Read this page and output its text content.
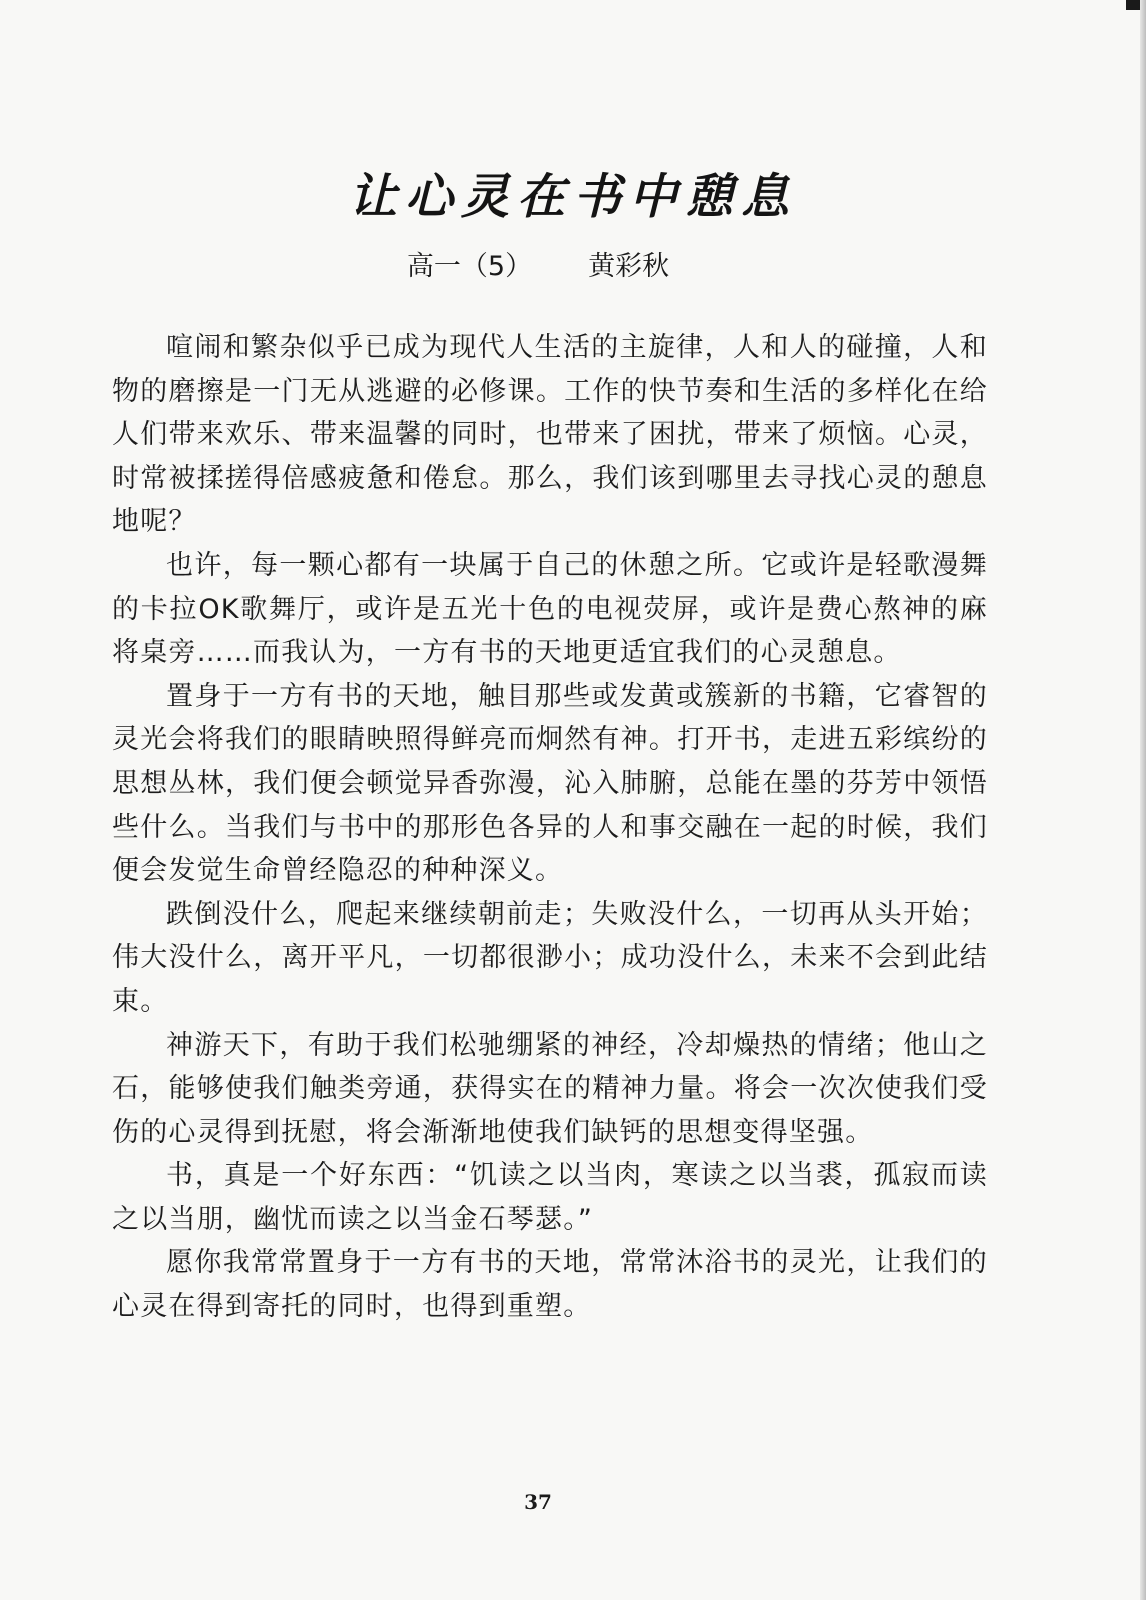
让心灵在书中憩息
高一（5） 黄彩秋

喧闹和繁杂似乎已成为现代人生活的主旋律，人和人的碰撞，人和物的磨擦是一门无从逃避的必修课。工作的快节奏和生活的多样化在给人们带来欢乐、带来温馨的同时，也带来了困扰，带来了烦恼。心灵，时常被揉搓得倍感疲惫和倦怠。那么，我们该到哪里去寻找心灵的憩息地呢？

也许，每一颗心都有一块属于自己的休憩之所。它或许是轻歌漫舞的卡拉OK歌舞厅，或许是五光十色的电视荧屏，或许是费心熬神的麻将桌旁……而我认为，一方有书的天地更适宜我们的心灵憩息。

置身于一方有书的天地，触目那些或发黄或簇新的书籍，它睿智的灵光会将我们的眼睛映照得鲜亮而炯然有神。打开书，走进五彩缤纷的思想丛林，我们便会顿觉异香弥漫，沁入肺腑，总能在墨的芬芳中领悟些什么。当我们与书中的那形色各异的人和事交融在一起的时候，我们便会发觉生命曾经隐忍的种种深义。

跌倒没什么，爬起来继续朝前走；失败没什么，一切再从头开始；伟大没什么，离开平凡，一切都很渺小；成功没什么，未来不会到此结束。

神游天下，有助于我们松驰绷紧的神经，冷却燥热的情绪；他山之石，能够使我们触类旁通，获得实在的精神力量。将会一次次使我们受伤的心灵得到抚慰，将会渐渐地使我们缺钙的思想变得坚强。

书，真是一个好东西：“饥读之以当肉，寒读之以当裘，孤寂而读之以当朋，幽忧而读之以当金石琴瑟。”

愿你我常常置身于一方有书的天地，常常沐浴书的灵光，让我们的心灵在得到寄托的同时，也得到重塑。

37
